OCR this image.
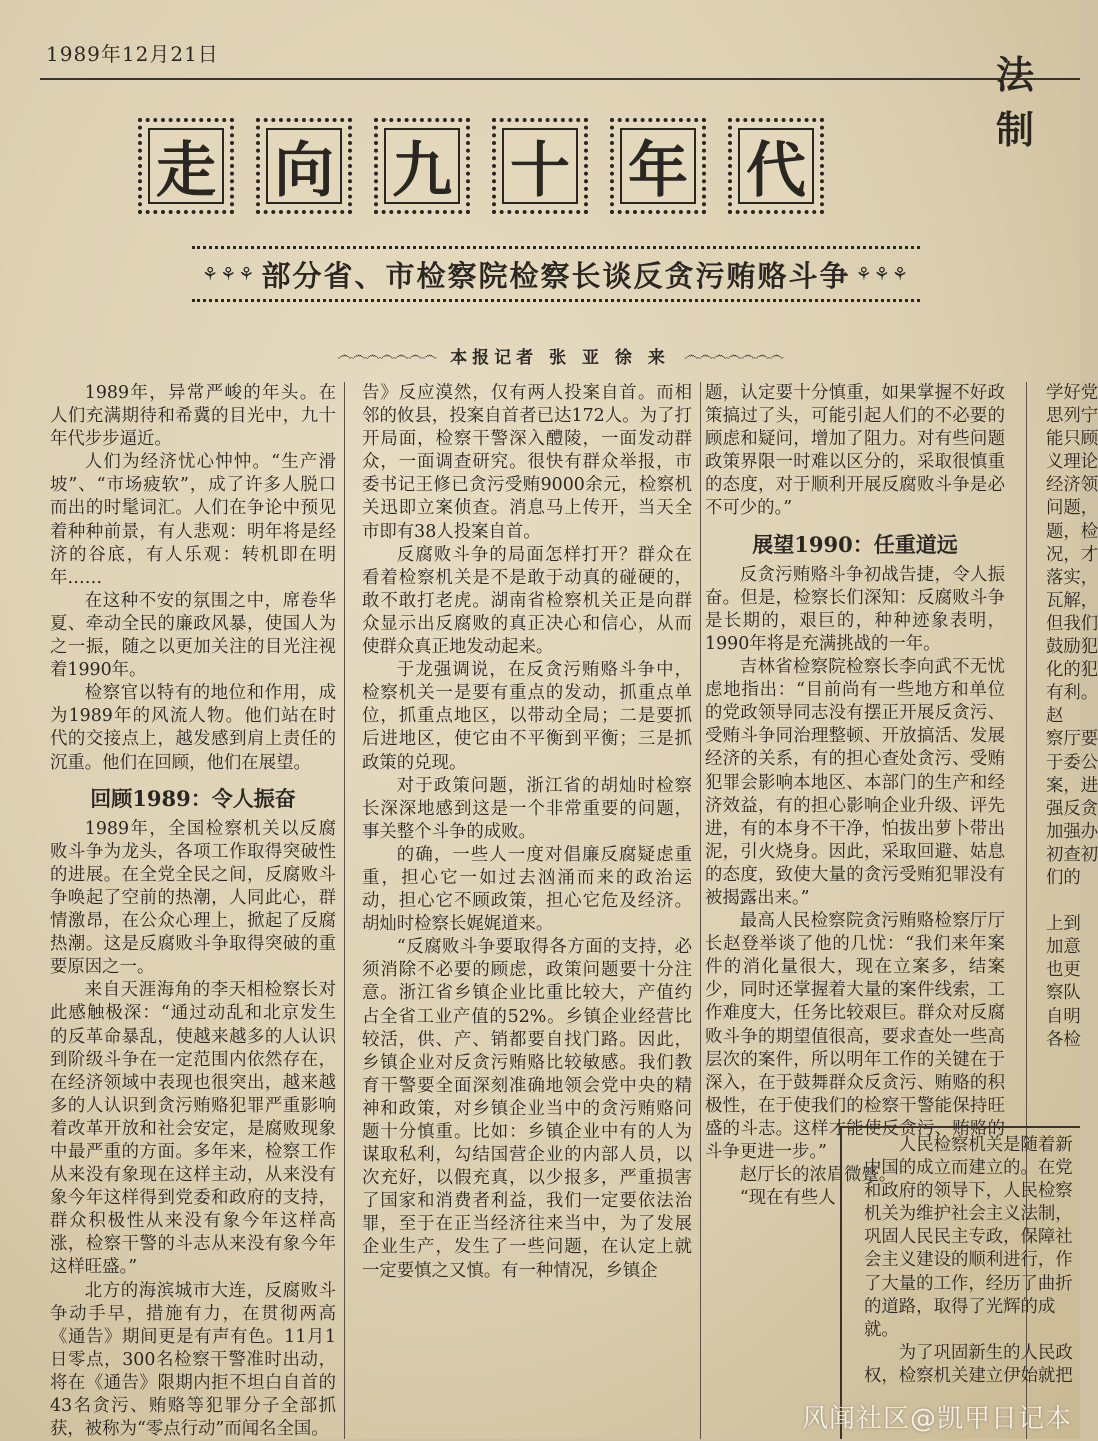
1989年12月21日	法制
走 向 九 十 年 代
⚘⚘⚘ 部分省、市检察院检察长谈反贪污贿赂斗争 ⚘⚘⚘
෴෴෴෴෴෴෴ 本报记者 张 亚 徐 来 ෴෴෴෴෴෴෴

1989年，异常严峻的年头。在人们充满期待和希冀的目光中，九十年代步步逼近。

人们为经济忧心忡忡。“生产滑坡”、“市场疲软”，成了许多人脱口而出的时髦词汇。人们在争论中预见着种种前景，有人悲观：明年将是经济的谷底，有人乐观：转机即在明年……

在这种不安的氛围之中，席卷华夏、牵动全民的廉政风暴，使国人为之一振，随之以更加关注的目光注视着1990年。

检察官以特有的地位和作用，成为1989年的风流人物。他们站在时代的交接点上，越发感到肩上责任的沉重。他们在回顾，他们在展望。

回顾1989：令人振奋

1989年，全国检察机关以反腐败斗争为龙头，各项工作取得突破性的进展。在全党全民之间，反腐败斗争唤起了空前的热潮，人同此心，群情激昂，在公众心理上，掀起了反腐热潮。这是反腐败斗争取得突破的重要原因之一。

来自天涯海角的李天相检察长对此感触极深：“通过动乱和北京发生的反革命暴乱，使越来越多的人认识到阶级斗争在一定范围内依然存在，在经济领域中表现也很突出，越来越多的人认识到贪污贿赂犯罪严重影响着改革开放和社会安定，是腐败现象中最严重的方面。多年来，检察工作从来没有象现在这样主动，从来没有象今年这样得到党委和政府的支持，群众积极性从来没有象今年这样高涨，检察干警的斗志从来没有象今年这样旺盛。”

北方的海滨城市大连，反腐败斗争动手早，措施有力，在贯彻两高《通告》期间更是有声有色。11月1日零点，300名检察干警准时出动，将在《通告》限期内拒不坦白自首的43名贪污、贿赂等犯罪分子全部抓获，被称为“零点行动”而闻名全国。

告》反应漠然，仅有两人投案自首。而相邻的攸县，投案自首者已达172人。为了打开局面，检察干警深入醴陵，一面发动群众，一面调查研究。很快有群众举报，市委书记王修已贪污受贿9000余元，检察机关迅即立案侦查。消息马上传开，当天全市即有38人投案自首。

反腐败斗争的局面怎样打开？群众在看着检察机关是不是敢于动真的碰硬的，敢不敢打老虎。湖南省检察机关正是向群众显示出反腐败的真正决心和信心，从而使群众真正地发动起来。

于龙强调说，在反贪污贿赂斗争中，检察机关一是要有重点的发动，抓重点单位，抓重点地区，以带动全局；二是要抓后进地区，使它由不平衡到平衡；三是抓政策的兑现。

对于政策问题，浙江省的胡灿时检察长深深地感到这是一个非常重要的问题，事关整个斗争的成败。

的确，一些人一度对倡廉反腐疑虑重重，担心它一如过去汹涌而来的政治运动，担心它不顾政策，担心它危及经济。胡灿时检察长娓娓道来。

“反腐败斗争要取得各方面的支持，必须消除不必要的顾虑，政策问题要十分注意。浙江省乡镇企业比重比较大，产值约占全省工业产值的52%。乡镇企业经营比较活，供、产、销都要自找门路。因此，乡镇企业对反贪污贿赂比较敏感。我们教育干警要全面深刻准确地领会党中央的精神和政策，对乡镇企业当中的贪污贿赂问题十分慎重。比如：乡镇企业中有的人为谋取私利，勾结国营企业的内部人员，以次充好，以假充真，以少报多，严重损害了国家和消费者利益，我们一定要依法治罪，至于在正当经济往来当中，为了发展企业生产，发生了一些问题，在认定上就一定要慎之又慎。有一种情况，乡镇企

题，认定要十分慎重，如果掌握不好政策搞过了头，可能引起人们的不必要的顾虑和疑问，增加了阻力。对有些问题政策界限一时难以区分的，采取很慎重的态度，对于顺利开展反腐败斗争是必不可少的。”

展望1990：任重道远

反贪污贿赂斗争初战告捷，令人振奋。但是，检察长们深知：反腐败斗争是长期的，艰巨的，种种迹象表明，1990年将是充满挑战的一年。

吉林省检察院检察长李向武不无忧虑地指出：“目前尚有一些地方和单位的党政领导同志没有摆正开展反贪污、受贿斗争同治理整顿、开放搞活、发展经济的关系，有的担心查处贪污、受贿犯罪会影响本地区、本部门的生产和经济效益，有的担心影响企业升级、评先进，有的本身不干净，怕拔出萝卜带出泥，引火烧身。因此，采取回避、姑息的态度，致使大量的贪污受贿犯罪没有被揭露出来。”

最高人民检察院贪污贿赂检察厅厅长赵登举谈了他的几忧：“我们来年案件的消化量很大，现在立案多，结案少，同时还掌握着大量的案件线索，工作难度大，任务比较艰巨。群众对反腐败斗争的期望值很高，要求查处一些高层次的案件，所以明年工作的关键在于深入，在于鼓舞群众反贪污、贿赂的积极性，在于使我们的检察干警能保持旺盛的斗志。这样才能使反贪污、贿赂的斗争更进一步。”

赵厅长的浓眉微蹙。

“现在有些人

学好党
思列宁
能只顾
义理论
经济领
问题，
题，检
况，才
落实，
瓦解，
但我们
鼓励犯
化的犯
有利。
赵
察厅要
于委公
案，进
强反贪
加强办
初查初
们的
上到
加意
也更
察队
自明
各检

人民检察机关是随着新中国的成立而建立的。在党和政府的领导下，人民检察机关为维护社会主义法制，巩固人民民主专政，保障社会主义建设的顺利进行，作了大量的工作，经历了曲折的道路，取得了光辉的成就。

为了巩固新生的人民政权，检察机关建立伊始就把

风闻社区@凯甲日记本
